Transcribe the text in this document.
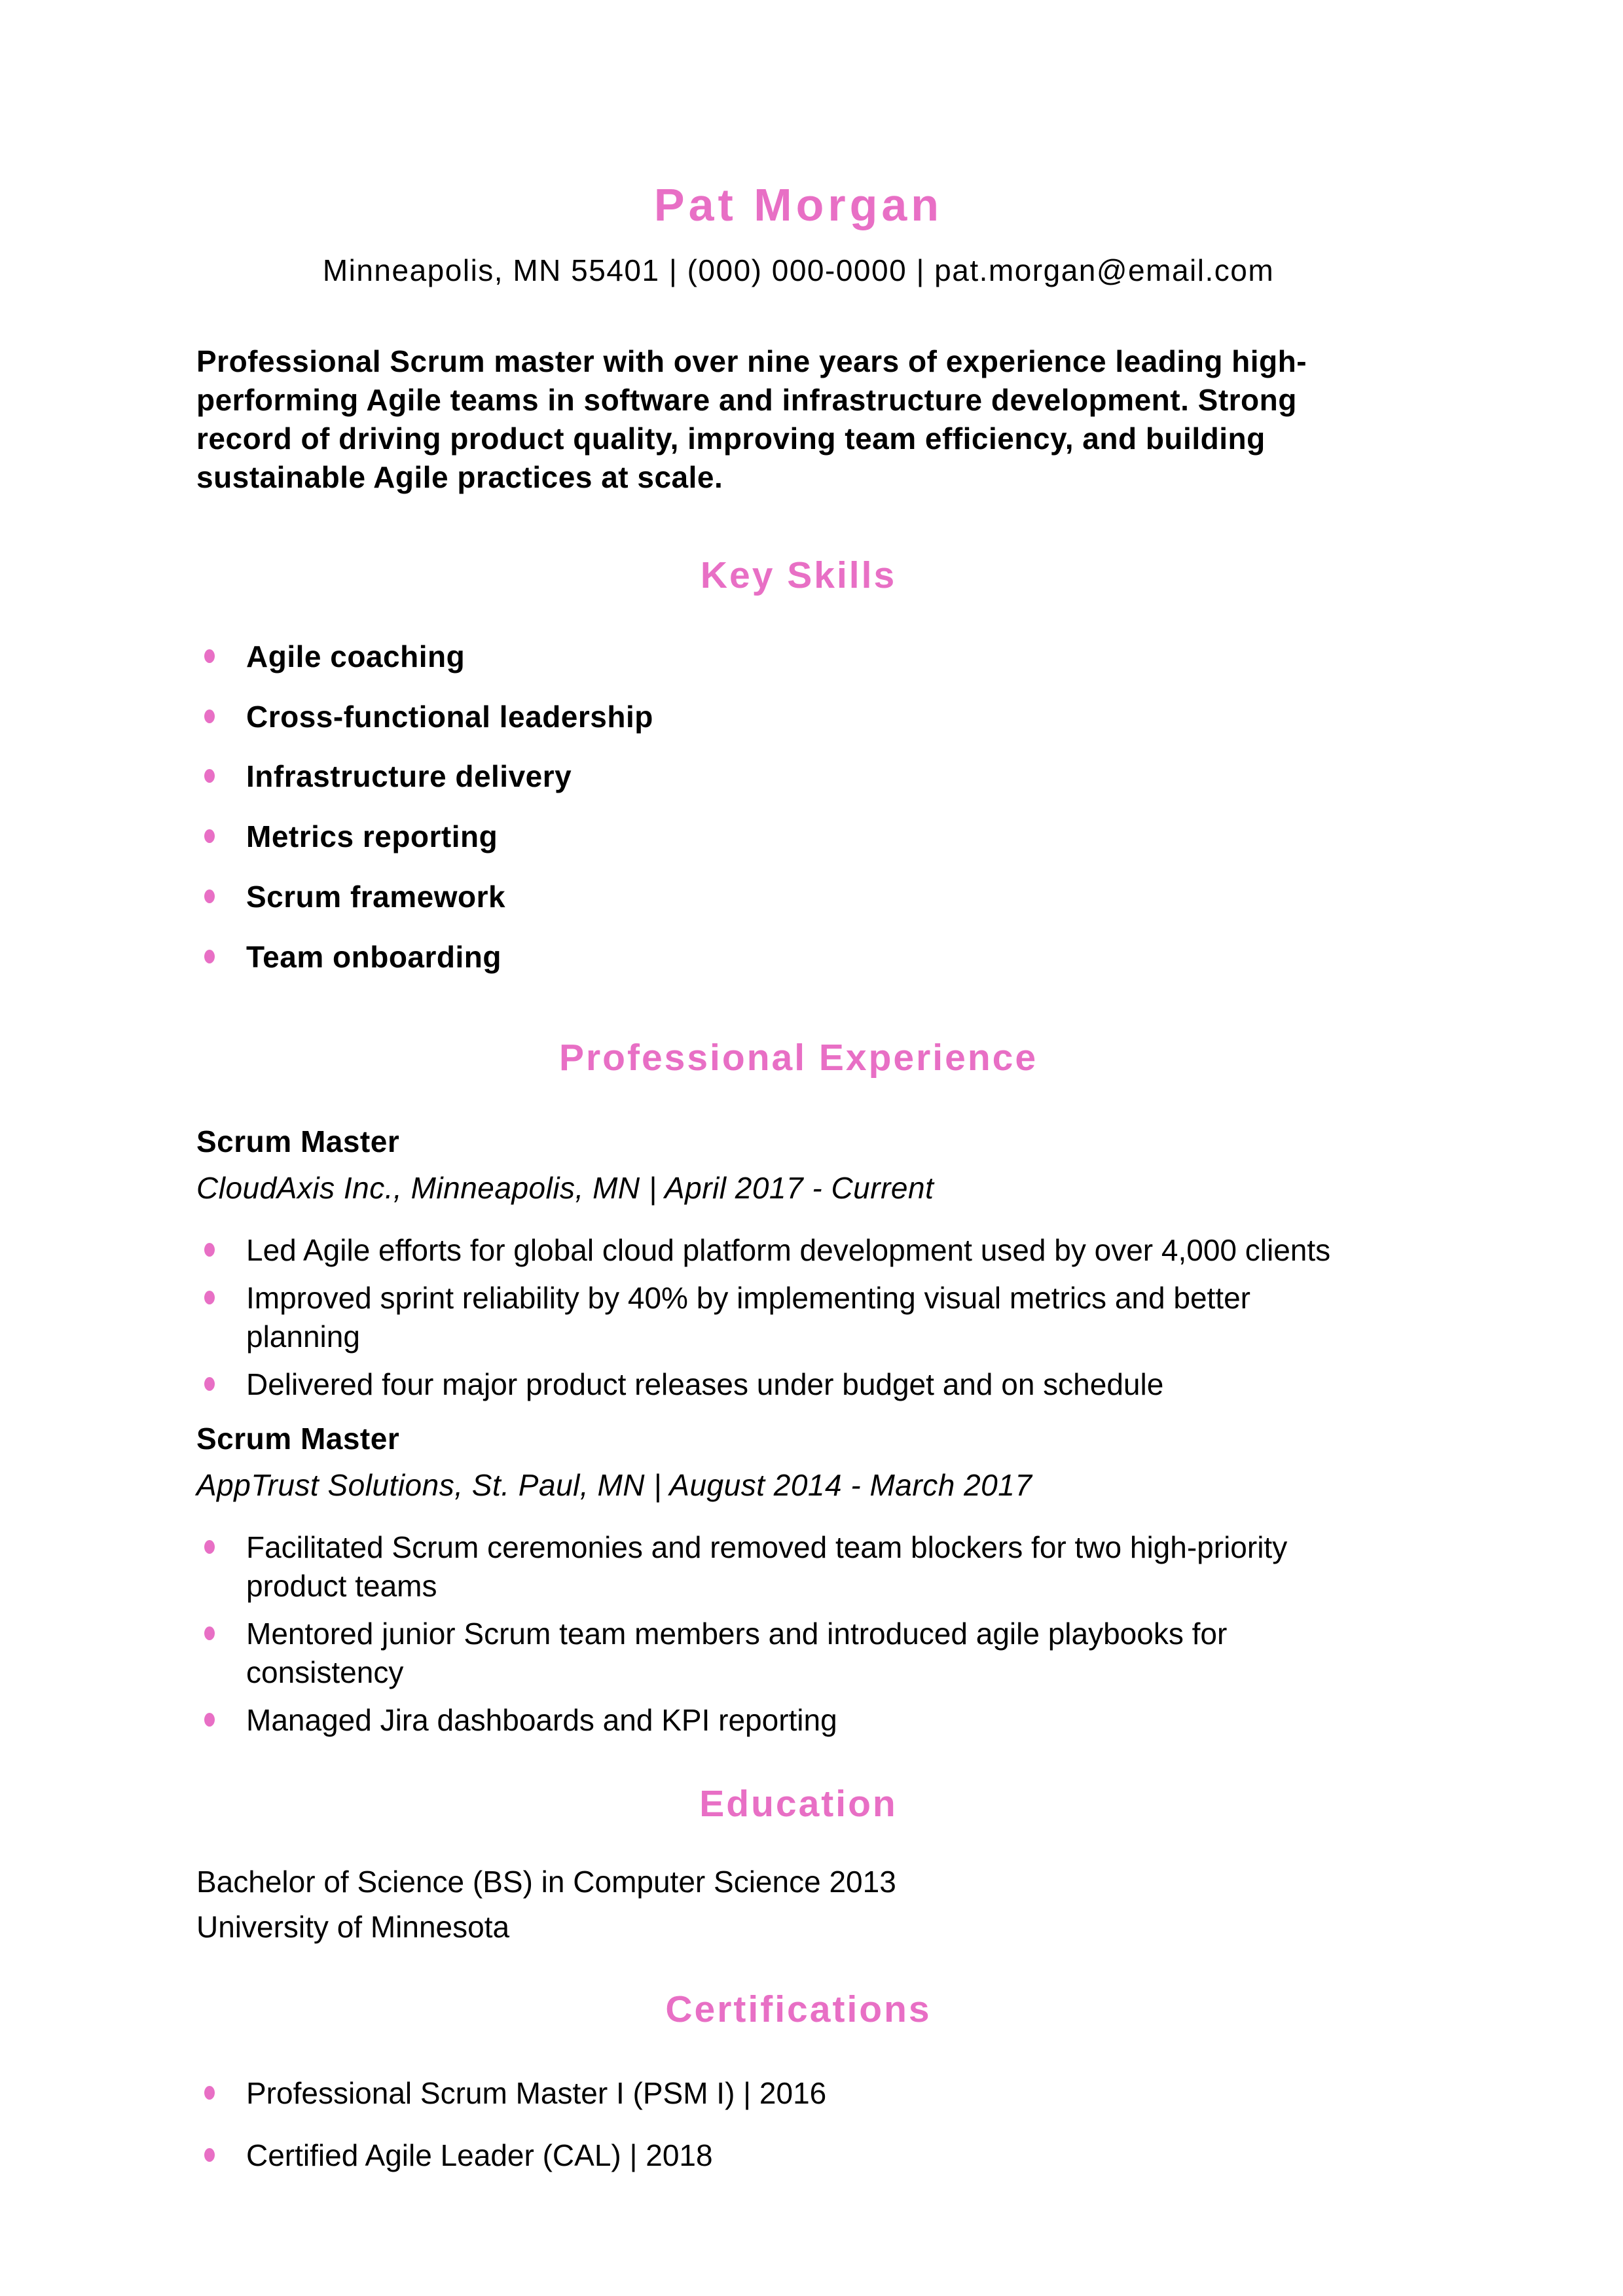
Pat Morgan
Minneapolis, MN 55401 | (000) 000-0000 | pat.morgan@email.com

Professional Scrum master with over nine years of experience leading high-performing Agile teams in software and infrastructure development. Strong record of driving product quality, improving team efficiency, and building sustainable Agile practices at scale.

Key Skills
Agile coaching
Cross-functional leadership
Infrastructure delivery
Metrics reporting
Scrum framework
Team onboarding
Professional Experience
Scrum Master
CloudAxis Inc., Minneapolis, MN | April 2017 - Current
Led Agile efforts for global cloud platform development used by over 4,000 clients
Improved sprint reliability by 40% by implementing visual metrics and better planning
Delivered four major product releases under budget and on schedule
Scrum Master
AppTrust Solutions, St. Paul, MN | August 2014 - March 2017
Facilitated Scrum ceremonies and removed team blockers for two high-priority product teams
Mentored junior Scrum team members and introduced agile playbooks for consistency
Managed Jira dashboards and KPI reporting
Education
Bachelor of Science (BS) in Computer Science 2013
University of Minnesota
Certifications
Professional Scrum Master I (PSM I) | 2016
Certified Agile Leader (CAL) | 2018
